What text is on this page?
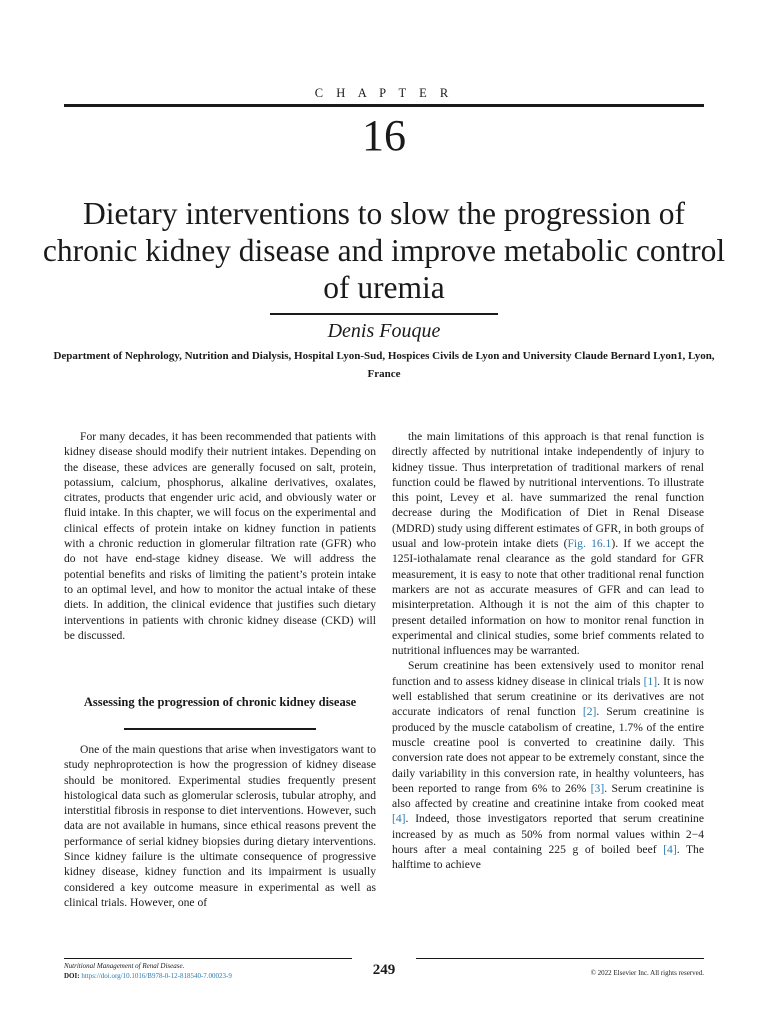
C H A P T E R
16
Dietary interventions to slow the progression of chronic kidney disease and improve metabolic control of uremia
Denis Fouque
Department of Nephrology, Nutrition and Dialysis, Hospital Lyon-Sud, Hospices Civils de Lyon and University Claude Bernard Lyon1, Lyon, France

For many decades, it has been recommended that patients with kidney disease should modify their nutrient intakes. Depending on the disease, these advices are generally focused on salt, protein, potassium, calcium, phosphorus, alkaline derivatives, oxalates, citrates, products that engender uric acid, and obviously water or fluid intake. In this chapter, we will focus on the experimental and clinical effects of protein intake on kidney function in patients with a chronic reduction in glomerular filtration rate (GFR) who do not have end-stage kidney disease. We will address the potential benefits and risks of limiting the patient’s protein intake to an optimal level, and how to monitor the actual intake of these diets. In addition, the clinical evidence that justifies such dietary interventions in patients with chronic kidney disease (CKD) will be discussed.

Assessing the progression of chronic kidney disease

One of the main questions that arise when investigators want to study nephroprotection is how the progression of kidney disease should be monitored. Experimental studies frequently present histological data such as glomerular sclerosis, tubular atrophy, and interstitial fibrosis in response to diet interventions. However, such data are not available in humans, since ethical reasons prevent the performance of serial kidney biopsies during dietary interventions. Since kidney failure is the ultimate consequence of progressive kidney disease, kidney function and its impairment is usually considered a key outcome measure in experimental as well as clinical trials. However, one of

the main limitations of this approach is that renal function is directly affected by nutritional intake independently of injury to kidney tissue. Thus interpretation of traditional markers of renal function could be flawed by nutritional interventions. To illustrate this point, Levey et al. have summarized the renal function decrease during the Modification of Diet in Renal Disease (MDRD) study using different estimates of GFR, in both groups of usual and low-protein intake diets (Fig. 16.1). If we accept the 125I-iothalamate renal clearance as the gold standard for GFR measurement, it is easy to note that other traditional renal function markers are not as accurate measures of GFR and can lead to misinterpretation. Although it is not the aim of this chapter to present detailed information on how to monitor renal function in experimental and clinical studies, some brief comments related to nutritional influences may be warranted.

Serum creatinine has been extensively used to monitor renal function and to assess kidney disease in clinical trials [1]. It is now well established that serum creatinine or its derivatives are not accurate indicators of renal function [2]. Serum creatinine is produced by the muscle catabolism of creatine, 1.7% of the entire muscle creatine pool is converted to creatinine daily. This conversion rate does not appear to be extremely constant, since the daily variability in this conversion rate, in healthy volunteers, has been reported to range from 6% to 26% [3]. Serum creatinine is also affected by creatine and creatinine intake from cooked meat [4]. Indeed, those investigators reported that serum creatinine increased by as much as 50% from normal values within 2−4 hours after a meal containing 225 g of boiled beef [4]. The halftime to achieve

249
Nutritional Management of Renal Disease.
DOI: https://doi.org/10.1016/B978-0-12-818540-7.00023-9	© 2022 Elsevier Inc. All rights reserved.
